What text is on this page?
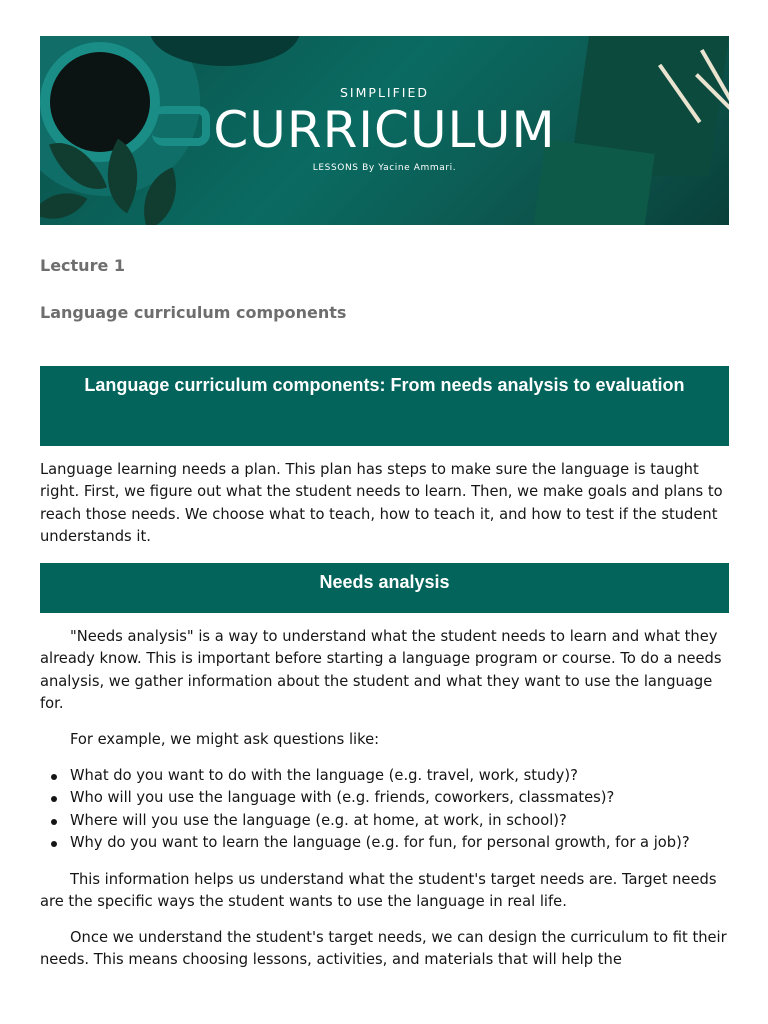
SIMPLIFIED
CURRICULUM
LESSONS By Yacine Ammari.
Lecture 1
Language curriculum components
Language curriculum components: From needs analysis to evaluation
Language learning needs a plan. This plan has steps to make sure the language is taught right. First, we figure out what the student needs to learn. Then, we make goals and plans to reach those needs. We choose what to teach, how to teach it, and how to test if the student understands it.
Needs analysis
"Needs analysis" is a way to understand what the student needs to learn and what they already know. This is important before starting a language program or course. To do a needs analysis, we gather information about the student and what they want to use the language for.
For example, we might ask questions like:
What do you want to do with the language (e.g. travel, work, study)?
Who will you use the language with (e.g. friends, coworkers, classmates)?
Where will you use the language (e.g. at home, at work, in school)?
Why do you want to learn the language (e.g. for fun, for personal growth, for a job)?
This information helps us understand what the student's target needs are. Target needs are the specific ways the student wants to use the language in real life.
Once we understand the student's target needs, we can design the curriculum to fit their needs. This means choosing lessons, activities, and materials that will help the
